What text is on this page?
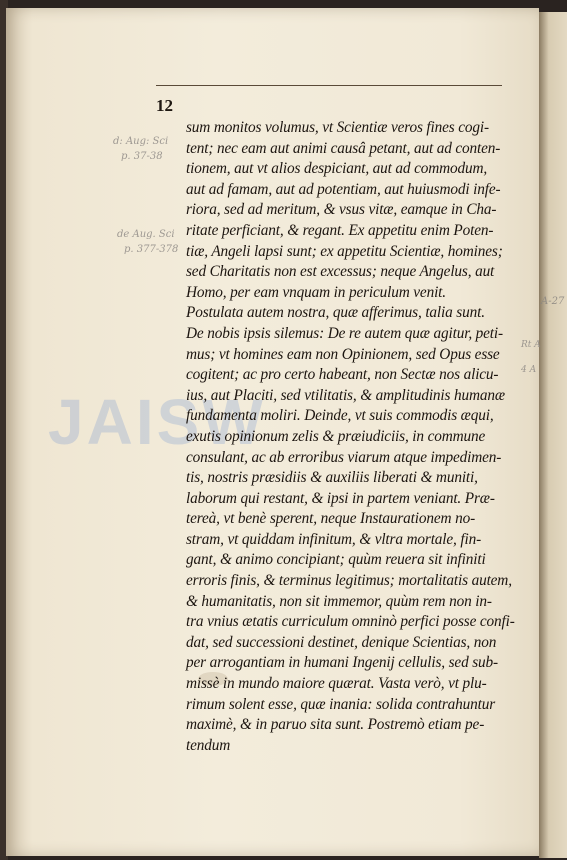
12
JAISW
d: Aug: Sci
p. 37-38
de Aug. Sci
p. 377-378
A-27
Rt A
4 A
sum monitos volumus, vt Scientiæ veros fines cogi-
tent; nec eam aut animi causâ petant, aut ad conten-
tionem, aut vt alios despiciant, aut ad commodum,
aut ad famam, aut ad potentiam, aut huiusmodi infe-
riora, sed ad meritum, & vsus vitæ, eamque in Cha-
ritate perficiant, & regant. Ex appetitu enim Poten-
tiæ, Angeli lapsi sunt; ex appetitu Scientiæ, homines;
sed Charitatis non est excessus; neque Angelus, aut
Homo, per eam vnquam in periculum venit.
Postulata autem nostra, quæ afferimus, talia sunt.
De nobis ipsis silemus: De re autem quæ agitur, peti-
mus; vt homines eam non Opinionem, sed Opus esse
cogitent; ac pro certo habeant, non Sectæ nos alicu-
ius, aut Placiti, sed vtilitatis, & amplitudinis humanæ
fundamenta moliri. Deinde, vt suis commodis æqui,
exutis opinionum zelis & præiudiciis, in commune
consulant, ac ab erroribus viarum atque impedimen-
tis, nostris præsidiis & auxiliis liberati & muniti,
laborum qui restant, & ipsi in partem veniant. Præ-
tereà, vt benè sperent, neque Instaurationem no-
stram, vt quiddam infinitum, & vltra mortale, fin-
gant, & animo concipiant; quùm reuera sit infiniti
erroris finis, & terminus legitimus; mortalitatis autem,
& humanitatis, non sit immemor, quùm rem non in-
tra vnius ætatis curriculum omninò perfici posse confi-
dat, sed successioni destinet, denique Scientias, non
per arrogantiam in humani Ingenij cellulis, sed sub-
missè in mundo maiore quærat. Vasta verò, vt plu-
rimum solent esse, quæ inania: solida contrahuntur
maximè, & in paruo sita sunt. Postremò etiam pe-
tendum
